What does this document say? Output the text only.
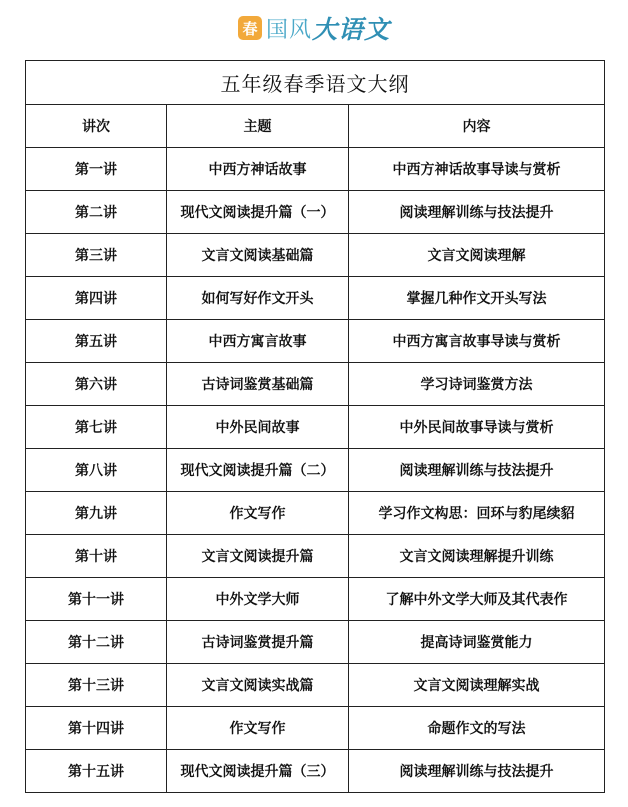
春 国风 大语文
五年级春季语文大纲		
讲次	主题	内容
第一讲	中西方神话故事	中西方神话故事导读与赏析
第二讲	现代文阅读提升篇（一）	阅读理解训练与技法提升
第三讲	文言文阅读基础篇	文言文阅读理解
第四讲	如何写好作文开头	掌握几种作文开头写法
第五讲	中西方寓言故事	中西方寓言故事导读与赏析
第六讲	古诗词鉴赏基础篇	学习诗词鉴赏方法
第七讲	中外民间故事	中外民间故事导读与赏析
第八讲	现代文阅读提升篇（二）	阅读理解训练与技法提升
第九讲	作文写作	学习作文构思：回环与豹尾续貂
第十讲	文言文阅读提升篇	文言文阅读理解提升训练
第十一讲	中外文学大师	了解中外文学大师及其代表作
第十二讲	古诗词鉴赏提升篇	提高诗词鉴赏能力
第十三讲	文言文阅读实战篇	文言文阅读理解实战
第十四讲	作文写作	命题作文的写法
第十五讲	现代文阅读提升篇（三）	阅读理解训练与技法提升
